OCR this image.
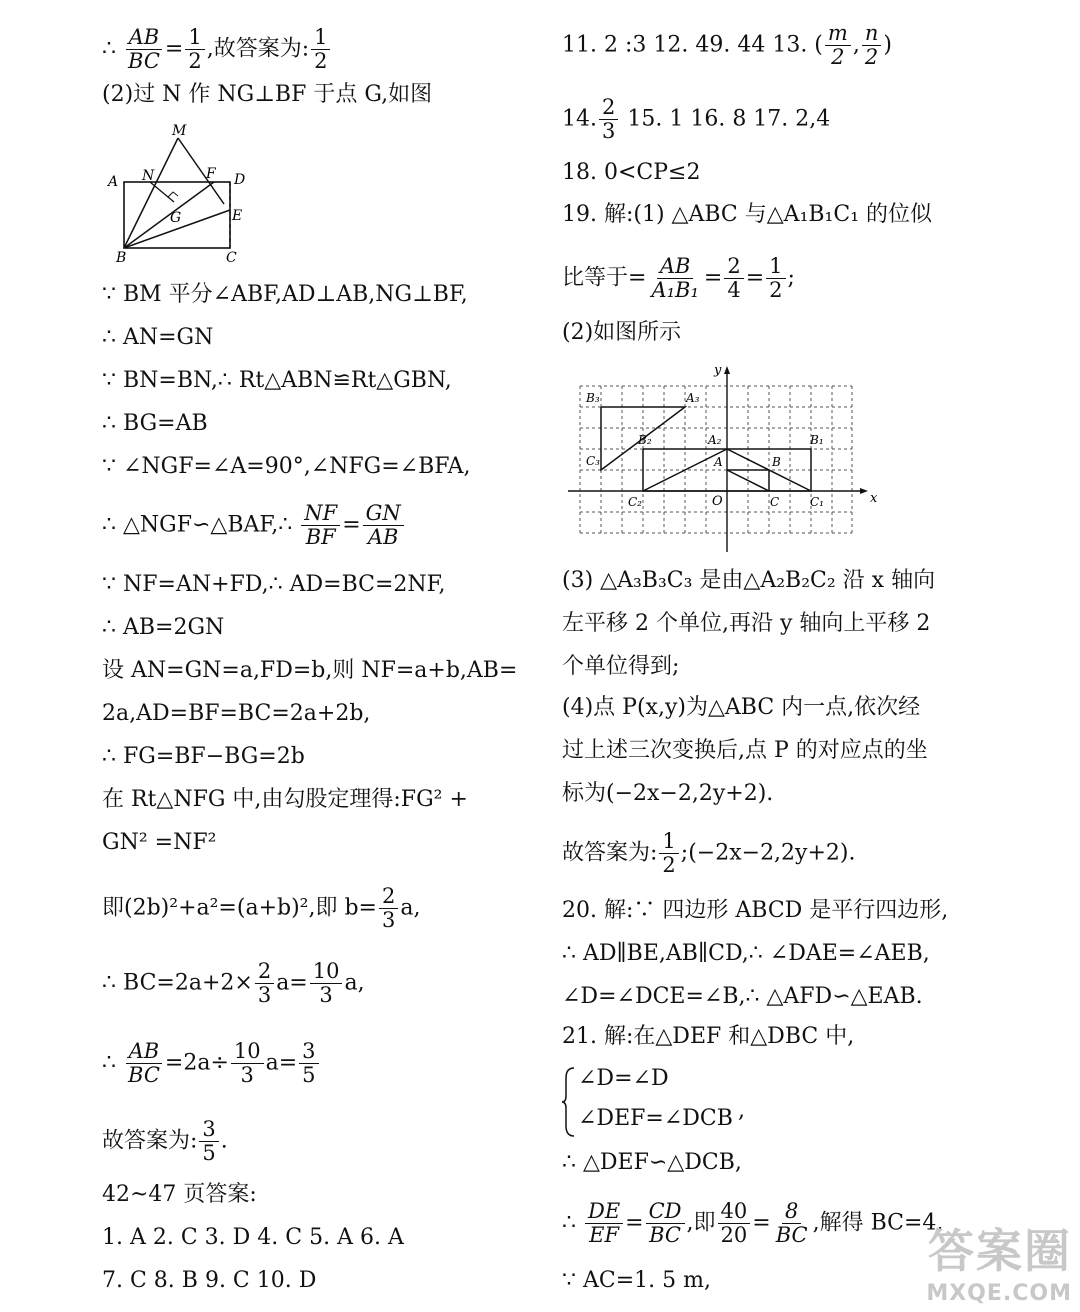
∴ $\frac{AB}{BC} = \frac{1}{2}$ ,故答案为: $\frac{1}{2}$
(2)过 N 作 NG⊥BF 于点 G,如图
M
A N	F D
G	E
B	C
∵ BM 平分∠ABF,AD⊥AB,NG⊥BF,
∴ AN=GN
∵ BN=BN,∴ Rt△ABN≌Rt△GBN,
∴ BG=AB
∵ ∠NGF=∠A=90°,∠NFG=∠BFA,
∴ △NGF∽△BAF,∴ $\frac{NF}{BF} = \frac{GN}{AB}$
∵ NF=AN+FD,∴ AD=BC=2NF,
∴ AB=2GN
设 AN=GN=a,FD=b,则 NF=a+b,AB=
2a,AD=BF=BC=2a+2b,
∴ FG=BF−BG=2b
在 Rt△NFG 中,由勾股定理得:FG² +
GN² =NF²
即(2b)²+a²=(a+b)²,即 $b= \frac{2}{3} a$,
∴ $BC=2a+2\times \frac{2}{3} a= \frac{10}{3} a$,
∴ $\frac{AB}{BC} =2a\div \frac{10}{3} a= \frac{3}{5}$
故答案为: $\frac{3}{5}$ .
42~47 页答案:
1. A 2. C 3. D 4. C 5. A 6. A
7. C 8. B 9. C 10. D
11. 2 :3 12. 49. 44 13. ( $\frac{m}{2}$ , $\frac{n}{2}$ )
14. $\frac{2}{3} 15$. 1 16. 8 17. 2,4
18. 0<CP≤2
19. 解:(1) △ABC 与△A₁B₁C₁ 的位似
比等于= $\frac{AB}{\text{A₁B₁}} = \frac{2}{4} = \frac{1}{2}$ ;
(2)如图所示
y
x
O
B₃	A₃
B₂	A₂	B₁
A	B
C₃
C₂	C	C₁
(3) △A₃B₃C₃ 是由△A₂B₂C₂ 沿 x 轴向
左平移 2 个单位,再沿 y 轴向上平移 2
个单位得到;
(4)点 P(x,y)为△ABC 内一点,依次经
过上述三次变换后,点 P 的对应点的坐
标为(−2x−2,2y+2).
故答案为: $\frac{1}{2}$ ;(−2x−2,2y+2).
20. 解:∵ 四边形 ABCD 是平行四边形,
∴ AD∥BE,AB∥CD,∴ ∠DAE=∠AEB,
∠D=∠DCE=∠B,∴ △AFD∽△EAB.
21. 解:在△DEF 和△DBC 中,
∠D=∠D
∠DEF=∠DCB ,
∴ △DEF∽△DCB,
∴ $\frac{DE}{EF} = \frac{CD}{BC}$ ,即 $\frac{40}{20} = \frac{8}{BC}$ ,解得 BC=4,
∵ AC=1. 5 m,
答案圈
MXQE.COM
